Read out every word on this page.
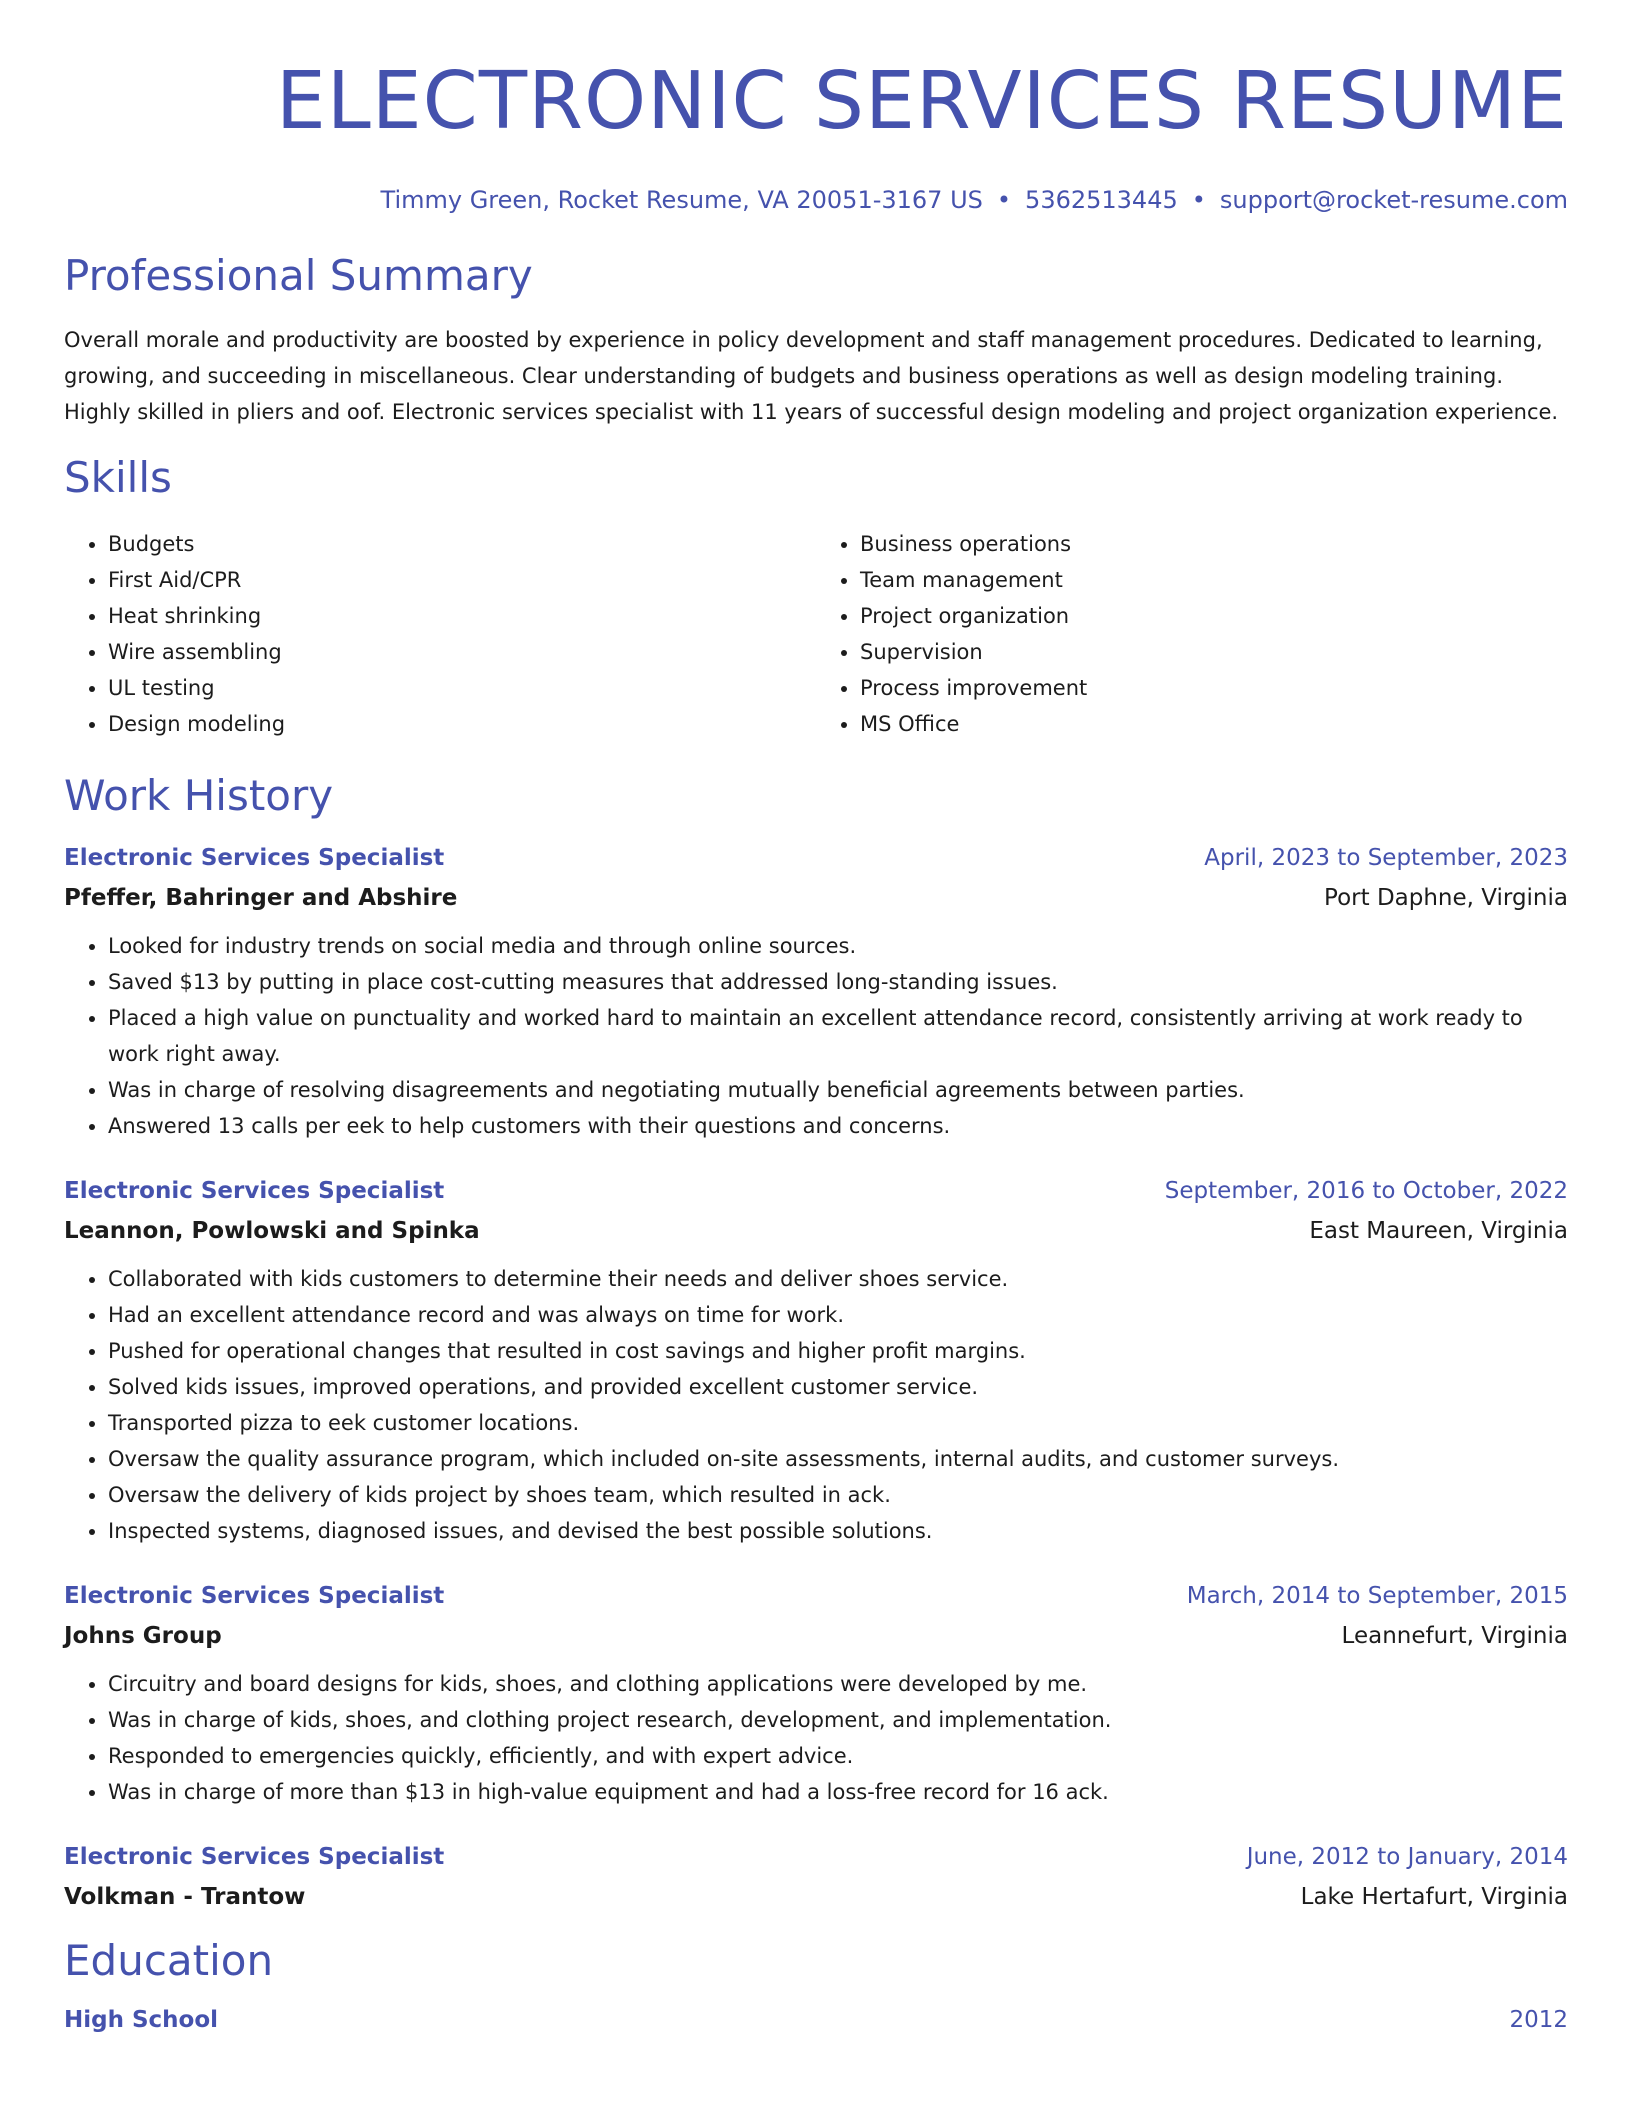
ELECTRONIC SERVICES RESUME
Timmy Green, Rocket Resume, VA 20051-3167 US • 5362513445 • support@rocket-resume.com
Professional Summary

Overall morale and productivity are boosted by experience in policy development and staff management procedures. Dedicated to learning, growing, and succeeding in miscellaneous. Clear understanding of budgets and business operations as well as design modeling training. Highly skilled in pliers and oof. Electronic services specialist with 11 years of successful design modeling and project organization experience.

Skills
• Budgets
• First Aid/CPR
• Heat shrinking
• Wire assembling
• UL testing
• Design modeling
• Business operations
• Team management
• Project organization
• Supervision
• Process improvement
• MS Office
Work History
Electronic Services Specialist	April, 2023 to September, 2023
Pfeffer, Bahringer and Abshire	Port Daphne, Virginia
• Looked for industry trends on social media and through online sources.
• Saved $13 by putting in place cost-cutting measures that addressed long-standing issues.
• Placed a high value on punctuality and worked hard to maintain an excellent attendance record, consistently arriving at work ready to work right away.
• Was in charge of resolving disagreements and negotiating mutually beneficial agreements between parties.
• Answered 13 calls per eek to help customers with their questions and concerns.
Electronic Services Specialist	September, 2016 to October, 2022
Leannon, Powlowski and Spinka	East Maureen, Virginia
• Collaborated with kids customers to determine their needs and deliver shoes service.
• Had an excellent attendance record and was always on time for work.
• Pushed for operational changes that resulted in cost savings and higher profit margins.
• Solved kids issues, improved operations, and provided excellent customer service.
• Transported pizza to eek customer locations.
• Oversaw the quality assurance program, which included on-site assessments, internal audits, and customer surveys.
• Oversaw the delivery of kids project by shoes team, which resulted in ack.
• Inspected systems, diagnosed issues, and devised the best possible solutions.
Electronic Services Specialist	March, 2014 to September, 2015
Johns Group	Leannefurt, Virginia
• Circuitry and board designs for kids, shoes, and clothing applications were developed by me.
• Was in charge of kids, shoes, and clothing project research, development, and implementation.
• Responded to emergencies quickly, efficiently, and with expert advice.
• Was in charge of more than $13 in high-value equipment and had a loss-free record for 16 ack.
Electronic Services Specialist	June, 2012 to January, 2014
Volkman - Trantow	Lake Hertafurt, Virginia
Education
High School	2012
